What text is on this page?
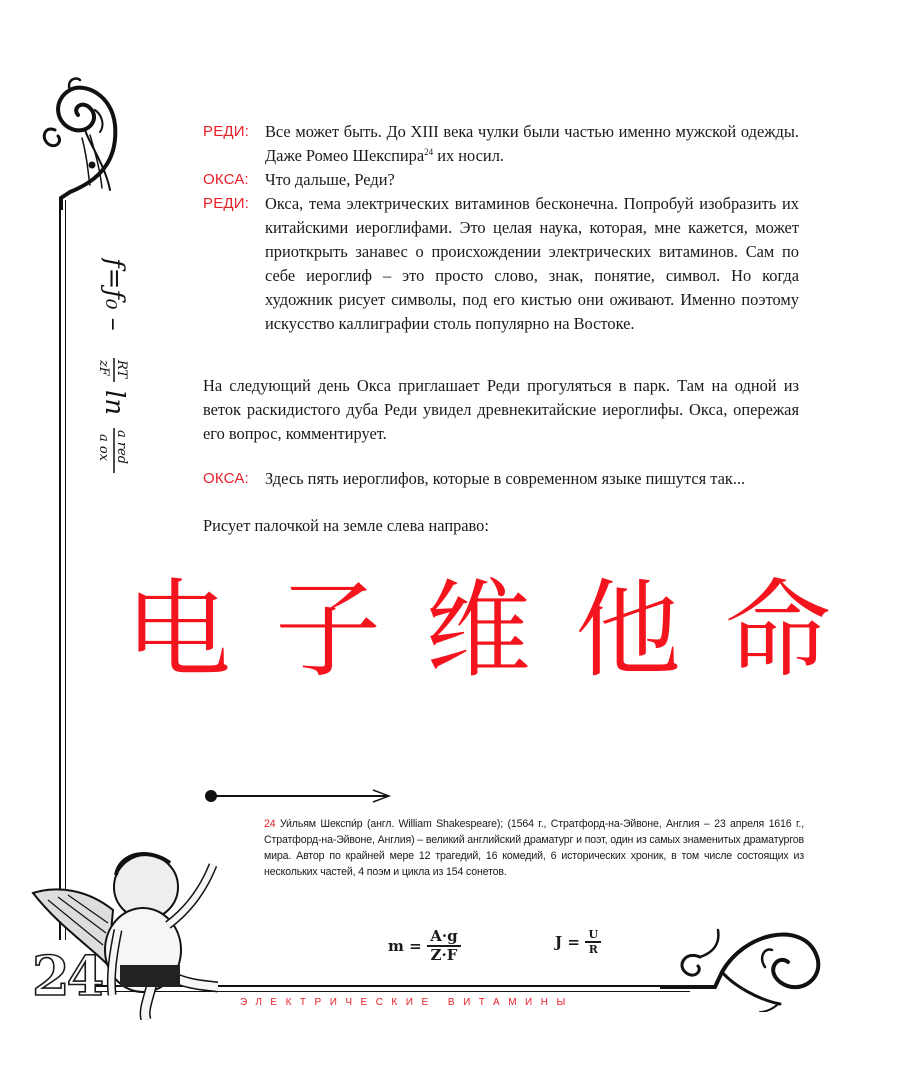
ƒ=ƒ₀ –
RT
zF
ln
a red
a ox

РЕДИ: Все может быть. До XIII века чулки были частью именно мужской одежды. Даже Ромео Шекспира$^{24}$ их носил.

ОКСА: Что дальше, Реди?

РЕДИ: Окса, тема электрических витаминов бесконечна. Попробуй изобразить их китайскими иероглифами. Это целая наука, которая, мне кажется, может приоткрыть занавес о происхождении электрических витаминов. Сам по себе иероглиф – это просто слово, знак, понятие, символ. Но когда художник рисует символы, под его кистью они оживают. Именно поэтому искусство каллиграфии столь популярно на Востоке.

На следующий день Окса приглашает Реди прогуляться в парк. Там на одной из веток раскидистого дуба Реди увидел древнекитайские иероглифы. Окса, опережая его вопрос, комментирует.

ОКСА: Здесь пять иероглифов, которые в современном языке пишутся так...

Рисует палочкой на земле слева направо:

电 子 维 他 命
24 Уи́льям Шекспи́р (англ. William Shakespeare); (1564 г., Стратфорд-на-Эйвоне, Англия – 23 апреля 1616 г., Стратфорд-на-Эйвоне, Англия) – великий английский драматург и поэт, один из самых знаменитых драматургов мира. Автор по крайней мере 12 трагедий, 16 комедий, 6 исторических хроник, в том числе состоящих из нескольких частей, 4 поэм и цикла из 154 сонетов.
24	$m = \frac{A\cdot g}{Z\cdot F}$	$J = \frac{U}{R}$
ЭЛЕКТРИЧЕСКИЕ ВИТАМИНЫ
